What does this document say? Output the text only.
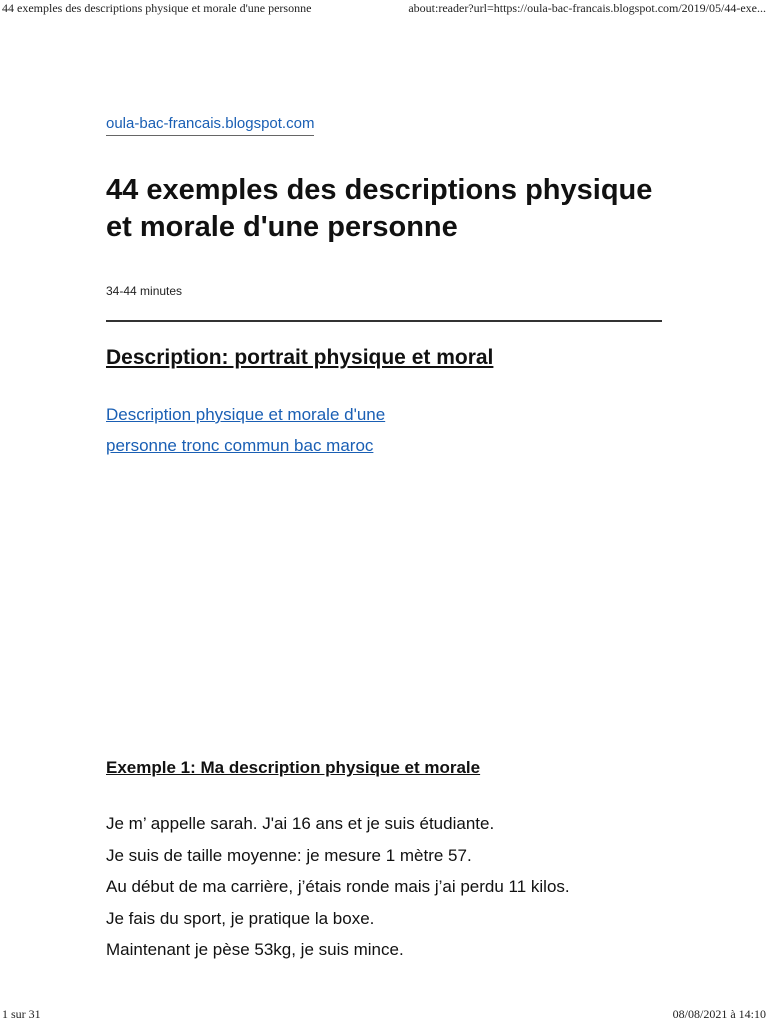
44 exemples des descriptions physique et morale d'une personne	about:reader?url=https://oula-bac-francais.blogspot.com/2019/05/44-exe...
oula-bac-francais.blogspot.com
44 exemples des descriptions physique et morale d'une personne
34-44 minutes
Description: portrait physique et moral
Description physique et morale d'une personne tronc commun bac maroc
Exemple 1: Ma description physique et morale
Je m’ appelle sarah. J'ai 16 ans et je suis étudiante.
Je suis de taille moyenne: je mesure 1 mètre 57.
Au début de ma carrière, j’étais ronde mais j’ai perdu 11 kilos.
Je fais du sport, je pratique la boxe.
Maintenant je pèse 53kg, je suis mince.
1 sur 31	08/08/2021 à 14:10
